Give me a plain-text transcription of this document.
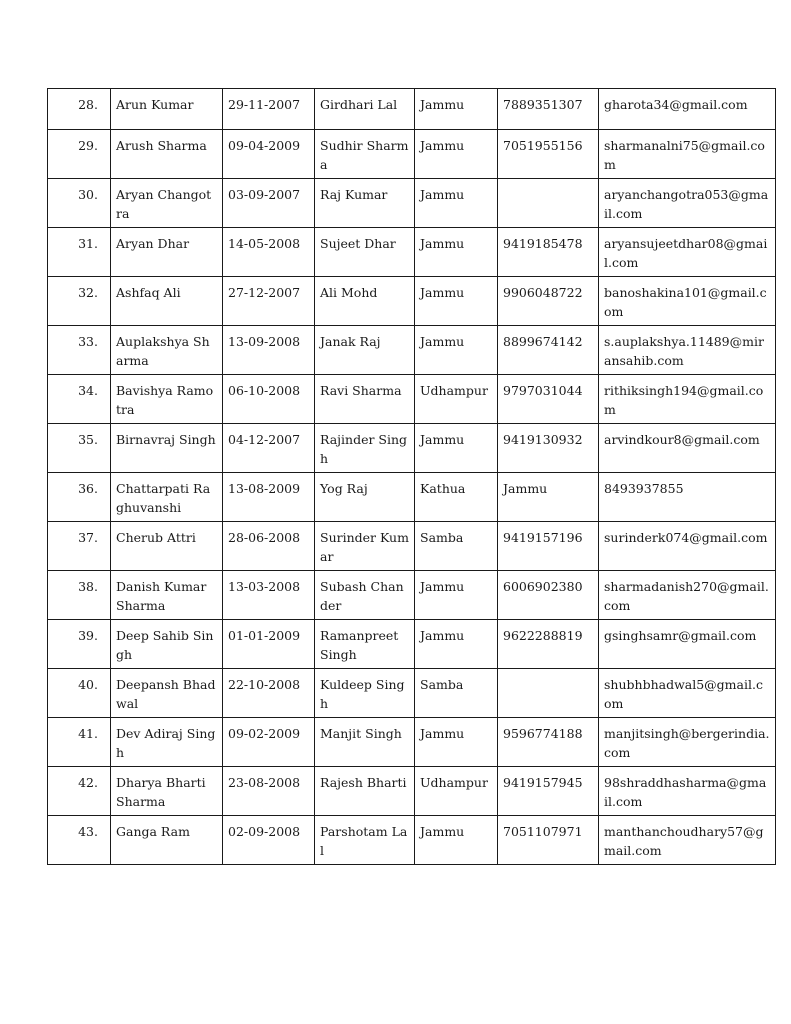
28.	Arun Kumar	29-11-2007	Girdhari Lal	Jammu	7889351307	gharota34@gmail.com
29.	Arush Sharma	09-04-2009	Sudhir Sharma	Jammu	7051955156	sharmanalni75@gmail.com
30.	Aryan Changotra	03-09-2007	Raj Kumar	Jammu		aryanchangotra053@gmail.com
31.	Aryan Dhar	14-05-2008	Sujeet Dhar	Jammu	9419185478	aryansujeetdhar08@gmail.com
32.	Ashfaq Ali	27-12-2007	Ali Mohd	Jammu	9906048722	banoshakina101@gmail.com
33.	Auplakshya Sharma	13-09-2008	Janak Raj	Jammu	8899674142	s.auplakshya.11489@miransahib.com
34.	Bavishya Ramotra	06-10-2008	Ravi Sharma	Udhampur	9797031044	rithiksingh194@gmail.com
35.	Birnavraj Singh	04-12-2007	Rajinder Singh	Jammu	9419130932	arvindkour8@gmail.com
36.	Chattarpati Raghuvanshi	13-08-2009	Yog Raj	Kathua	Jammu	8493937855
37.	Cherub Attri	28-06-2008	Surinder Kumar	Samba	9419157196	surinderk074@gmail.com
38.	Danish Kumar Sharma	13-03-2008	Subash Chander	Jammu	6006902380	sharmadanish270@gmail.com
39.	Deep Sahib Singh	01-01-2009	Ramanpreet Singh	Jammu	9622288819	gsinghsamr@gmail.com
40.	Deepansh Bhadwal	22-10-2008	Kuldeep Singh	Samba		shubhbhadwal5@gmail.com
41.	Dev Adiraj Singh	09-02-2009	Manjit Singh	Jammu	9596774188	manjitsingh@bergerindia.com
42.	Dharya Bharti Sharma	23-08-2008	Rajesh Bharti	Udhampur	9419157945	98shraddhasharma@gmail.com
43.	Ganga Ram	02-09-2008	Parshotam Lal	Jammu	7051107971	manthanchoudhary57@gmail.com
